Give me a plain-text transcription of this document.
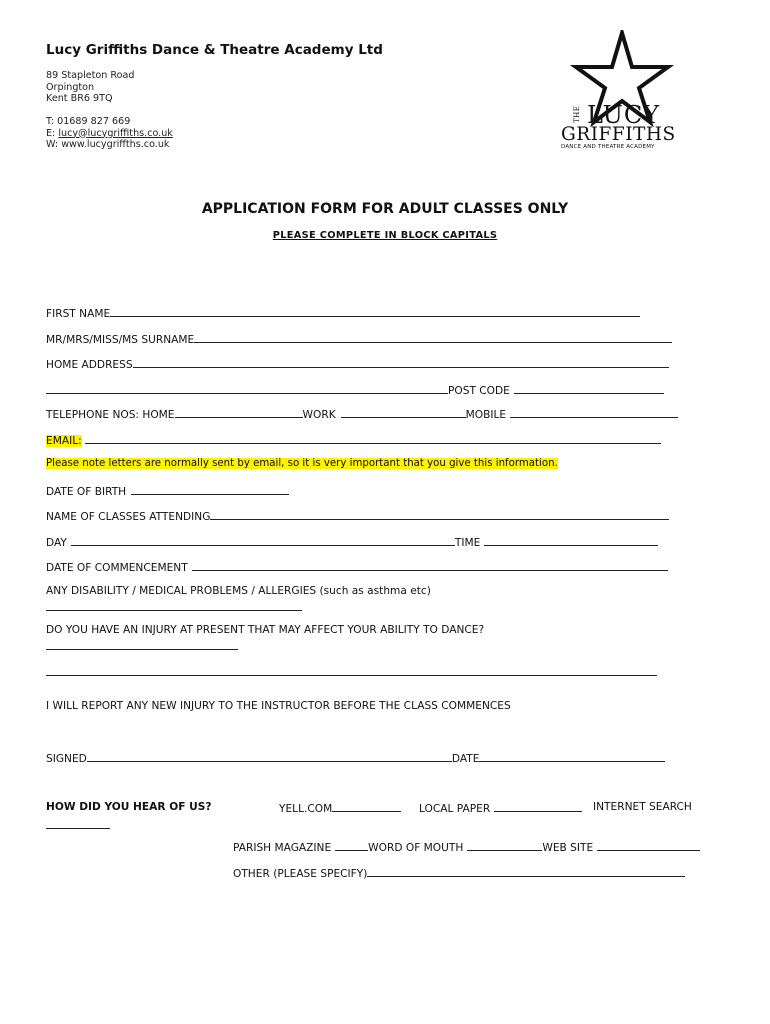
Lucy Griffiths Dance & Theatre Academy Ltd
89 Stapleton Road
Orpington
Kent BR6 9TQ
T: 01689 827 669
E: lucy@lucygriffiths.co.uk
W: www.lucygriffths.co.uk
THE LUCY
GRIFFITHS
DANCE AND THEATRE ACADEMY
APPLICATION FORM FOR ADULT CLASSES ONLY
PLEASE COMPLETE IN BLOCK CAPITALS
FIRST NAME
MR/MRS/MISS/MS SURNAME
HOME ADDRESS
POST CODE
TELEPHONE NOS: HOME	WORK	MOBILE
EMAIL:
Please note letters are normally sent by email, so it is very important that you give this information.
DATE OF BIRTH
NAME OF CLASSES ATTENDING
DAY	TIME
DATE OF COMMENCEMENT
ANY DISABILITY / MEDICAL PROBLEMS / ALLERGIES (such as asthma etc)
DO YOU HAVE AN INJURY AT PRESENT THAT MAY AFFECT YOUR ABILITY TO DANCE?
I WILL REPORT ANY NEW INJURY TO THE INSTRUCTOR BEFORE THE CLASS COMMENCES
SIGNED	DATE
HOW DID YOU HEAR OF US?	YELL.COM	LOCAL PAPER	INTERNET SEARCH
PARISH MAGAZINE	WORD OF MOUTH	WEB SITE
OTHER (PLEASE SPECIFY)
